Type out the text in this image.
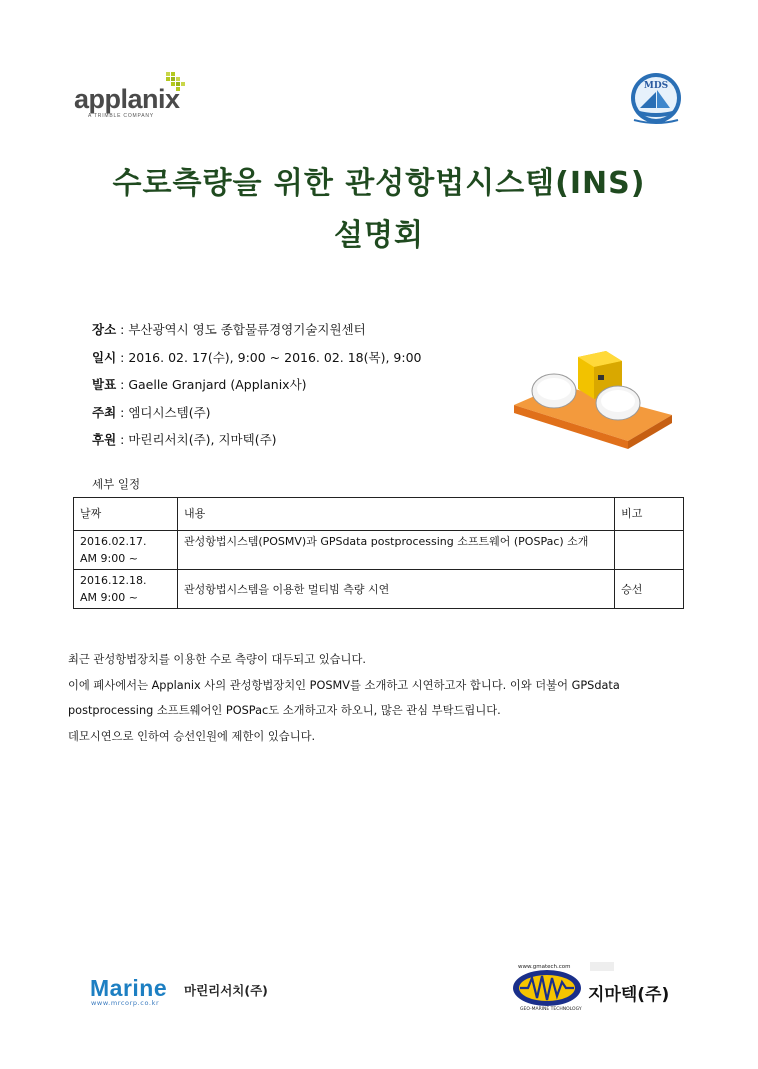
applanix
A TRIMBLE COMPANY
MDS
수로측량을 위한 관성항법시스템(INS)
설명회
장소 : 부산광역시 영도 종합물류경영기술지원센터
일시 : 2016. 02. 17(수), 9:00 ~ 2016. 02. 18(목), 9:00
발표 : Gaelle Granjard (Applanix사)
주최 : 엠디시스템(주)
후원 : 마린리서치(주), 지마텍(주)
세부 일정
날짜	내용	비고

2016.02.17.
AM 9:00 ~	관성항법시스템(POSMV)과 GPSdata postprocessing 소프트웨어 (POSPac) 소개	

2016.12.18.
AM 9:00 ~	관성항법시스템을 이용한 멀티빔 측량 시연	승선

최근 관성항법장치를 이용한 수로 측량이 대두되고 있습니다.

이에 폐사에서는 Applanix 사의 관성항법장치인 POSMV를 소개하고 시연하고자 합니다. 이와 더불어 GPSdata

postprocessing 소프트웨어인 POSPac도 소개하고자 하오니, 많은 관심 부탁드립니다.

데모시연으로 인하여 승선인원에 제한이 있습니다.

Marine
www.mrcorp.co.kr
마린리서치(주)
www.gmatech.com
지마텍(주)
GEO-MARINE TECHNOLOGY
